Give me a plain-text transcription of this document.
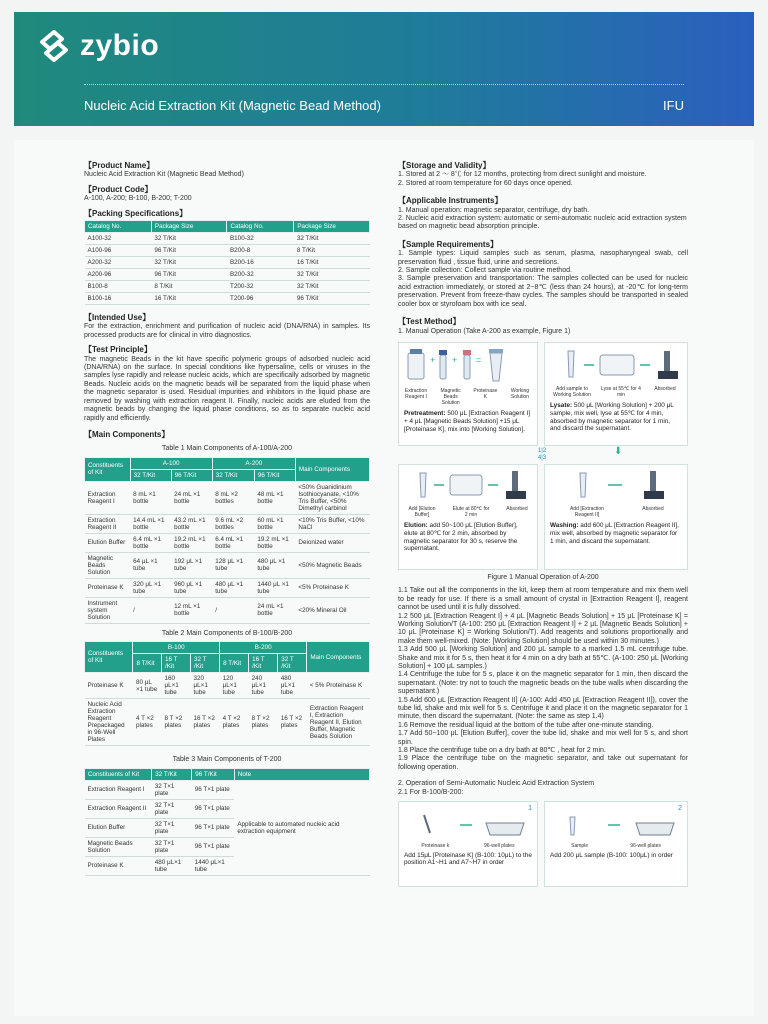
zybio
Nucleic Acid Extraction Kit (Magnetic Bead Method)	IFU
【Product Name】

Nucleic Acid Extraction Kit (Magnetic Bead Method)

【Product Code】

A-100, A-200; B-100, B-200; T-200

【Packing Specifications】
Catalog No.	Package Size	Catalog No.	Package Size
A100-32	32 T/Kit	B100-32	32 T/Kit
A100-96	96 T/Kit	B200-8	8 T/Kit
A200-32	32 T/Kit	B200-16	16 T/Kit
A200-96	96 T/Kit	B200-32	32 T/Kit
B100-8	8 T/Kit	T200-32	32 T/Kit
B100-16	16 T/Kit	T200-96	96 T/Kit
【Intended Use】

For the extraction, enrichment and purification of nucleic acid (DNA/RNA) in samples. Its processed products are for clinical in vitro diagnostics.

【Test Principle】

The magnetic Beads in the kit have specific polymeric groups of adsorbed nucleic acid (DNA/RNA) on the surface. In special conditions like hypersaline, cells or viruses in the samples lyse rapidly and release nucleic acids, which are specifically adsorbed by magnetic Beads. Nucleic acids on the magnetic beads will be separated from the liquid phase when the magnetic separator is used. Residual impurities and inhibitors in the liquid phase are removed by washing with extraction reagent II. Finally, nucleic acids are eluded from the magnetic beads by changing the liquid phase conditions, so as to separate nucleic acid rapidly and efficiently.

【Main Components】
Table 1 Main Components of A-100/A-200
Constituents of Kit	A-100		A-200		Main Components
	32 T/Kit	96 T/Kit	32 T/Kit	96 T/Kit	
Extraction Reagent I	8 mL ×1 bottle	24 mL ×1 bottle	8 mL ×2 bottles	48 mL ×1 bottle	<50% Guanidinium Isothiocyanate, <10% Tris Buffer, <50% Dimethyl carbinol
Extraction Reagent II	14.4 mL ×1 bottle	43.2 mL ×1 bottle	9.6 mL ×2 bottles	60 mL ×1 bottle	<10% Tris Buffer, <10% NaCl
Elution Buffer	6.4 mL ×1 bottle	19.2 mL ×1 bottle	6.4 mL ×1 bottle	19.2 mL ×1 bottle	Deionized water
Magnetic Beads Solution	64 μL ×1 tube	192 μL ×1 tube	128 μL ×1 tube	480 μL ×1 tube	<50% Magnetic Beads
Proteinase K	320 μL ×1 tube	960 μL ×1 tube	480 μL ×1 tube	1440 μL ×1 tube	<5% Proteinase K
Instrument system Solution	/	12 mL ×1 bottle	/	24 mL ×1 bottle	<20% Mineral Oil
Table 2 Main Components of B-100/B-200
Constituents of Kit	B-100			B-200			Main Components
	8 T/Kit	16 T /Kit	32 T /Kit	8 T/Kit	16 T /Kit	32 T /Kit	
Proteinase K	80 μL ×1 tube	160 μL×1 tube	320 μL×1 tube	120 μL×1 tube	240 μL×1 tube	480 μL×1 tube	< 5% Proteinase K
Nucleic Acid Extraction Reagent Prepackaged in 96-Well Plates	4 T ×2 plates	8 T ×2 plates	16 T ×2 plates	4 T ×2 plates	8 T ×2 plates	16 T ×2 plates	Extraction Reagent I, Extraction Reagent II, Elution Buffer, Magnetic Beads Solution
Table 3 Main Components of T-200
Constituents of Kit	32 T/Kit	96 T/Kit	Note
Extraction Reagent I	32 T×1 plate	96 T×1 plate	Applicable to automated nucleic acid extraction equipment
Extraction Reagent II	32 T×1 plate	96 T×1 plate	
Elution Buffer	32 T×1 plate	96 T×1 plate	
Magnetic Beads Solution	32 T×1 plate	96 T×1 plate	
Proteinase K	480 μL×1 tube	1440 μL×1 tube	
【Storage and Validity】

1. Stored at 2 ～ 8℃ for 12 months, protecting from direct sunlight and moisture.

2. Stored at room temperature for 60 days once opened.

【Applicable Instruments】

1. Manual operation: magnetic separator, centrifuge, dry bath.

2. Nucleic acid extraction system: automatic or semi-automatic nucleic acid extraction system based on magnetic bead absorption principle.

【Sample Requirements】

1. Sample types: Liquid samples such as serum, plasma, nasopharyngeal swab, cell preservation fluid , tissue fluid, urine and secretions.

2. Sample collection: Collect sample via routine method.

3. Sample preservation and transportation: The samples collected can be used for nucleic acid extraction immediately, or stored at 2~8℃ (less than 24 hours), at -20℃ for long-term preservation. Prevent from freeze-thaw cycles. The samples should be transported in sealed cooler box or styrofoam box with ice seal.

【Test Method】

1. Manual Operation (Take A-200 as example, Figure 1)

+ + =
Extraction Reagent I
Magnetic Beads Solution
Proteinase K
Working Solution
Pretreatment: 500 μL [Extraction Reagent I] + 4 μL [Magnetic Beads Solution] +15 μL [Proteinase K], mix into [Working Solution].
Add sample to Working Solution
Lyse at 55℃ for 4 min
Absorbed
Lysate: 500 μL [Working Solution] + 200 μL sample, mix well, lyse at 55℃ for 4 min, absorbed by magnetic separator for 1 min, and discard the supernatant.
1|2
4|3
⬇
Add [Elution Buffer]
Elute at 80℃ for 2 min
Absorbed
Elution: add 50~100 μL [Elution Buffer], elute at 80℃ for 2 min, absorbed by magnetic separator for 30 s, reserve the supernatant.
Add [Extraction Reagent II]
Absorbed
Washing: add 600 μL [Extraction Reagent II], mix well, absorbed by magnetic separator for 1 min, and discard the supernatant.
Figure 1 Manual Operation of A-200

1.1 Take out all the components in the kit, keep them at room temperature and mix them well to be ready for use. If there is a small amount of crystal in [Extraction Reagent I], reagent cannot be used until it is fully dissolved.

1.2 500 μL [Extraction Reagent I] + 4 μL [Magnetic Beads Solution] + 15 μL [Proteinase K] = Working Solution/T (A-100: 250 μL [Extraction Reagent I] + 2 μL [Magnetic Beads Solution] + 10 μL [Proteinase K] = Working Solution/T). Add reagents and solutions proportionally and make them well-mixed. (Note: [Working Solution] should be used within 30 minutes.)

1.3 Add 500 μL [Working Solution] and 200 μL sample to a marked 1.5 mL centrifuge tube. Shake and mix it for 5 s, then heat it for 4 min on a dry bath at 55℃. (A-100: 250 μL [Working Solution] + 100 μL samples.)

1.4 Centrifuge the tube for 5 s, place it on the magnetic separator for 1 min, then discard the supernatant. (Note: try not to touch the magnetic beads on the tube walls when discarding the supernatant.)

1.5 Add 600 μL [Extraction Reagent II] (A-100: Add 450 μL [Extraction Reagent II]), cover the tube lid, shake and mix well for 5 s. Centrifuge it and place it on the magnetic separator for 1 minute, then discard the supernatant. (Note: the same as step 1.4)

1.6 Remove the residual liquid at the bottom of the tube after one-minute standing.

1.7 Add 50~100 μL [Elution Buffer], cover the tube lid, shake and mix well for 5 s, and short spin.

1.8 Place the centrifuge tube on a dry bath at 80℃ , heat for 2 min.

1.9 Place the centrifuge tube on the magnetic separator, and take out supernatant for following operation.

2. Operation of Semi-Automatic Nucleic Acid Extraction System

2.1 For B-100/B-200:

1
Proteinase k	96-well plates
Add 15μL [Proteinase K] (B-100: 10μL) to the position A1~H1 and A7~H7 in order
2
Sample	96-well plates
Add 200 μL sample (B-100: 100μL) in order
